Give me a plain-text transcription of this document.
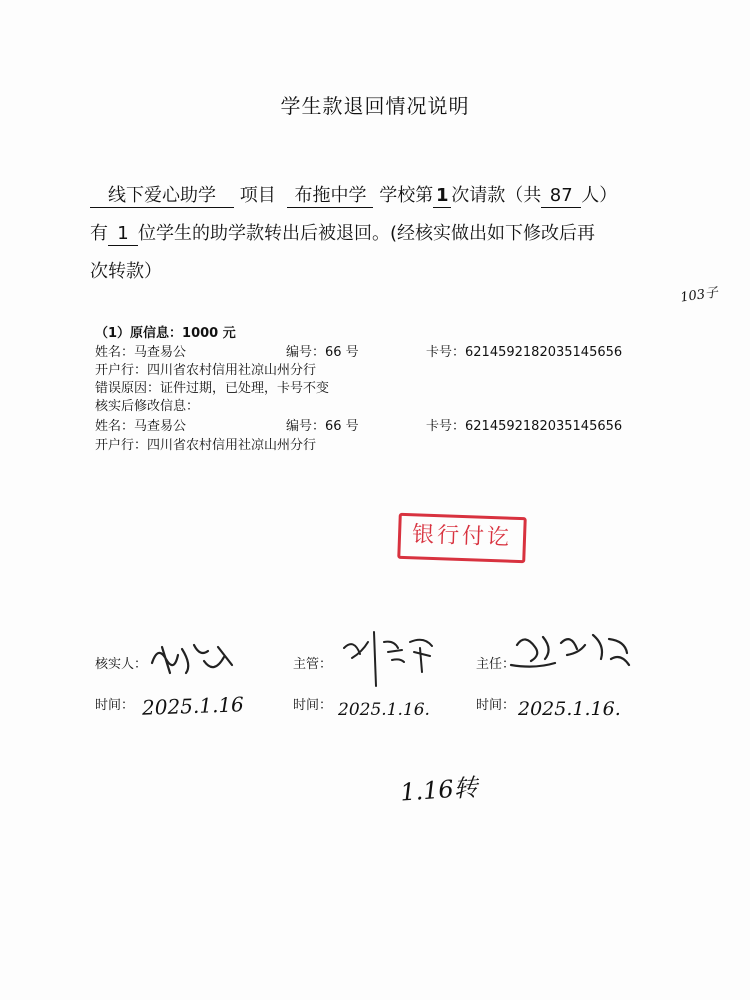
学生款退回情况说明
线下爱心助学 项目 布拖中学 学校第 1 次请款（共 87 人）
有 1 位学生的助学款转出后被退回。(经核实做出如下修改后再
次转款）
103子
（1）原信息：1000 元
姓名：马查易公	编号：66 号	卡号：6214592182035145656
开户行：四川省农村信用社凉山州分行
错误原因：证件过期，已处理，卡号不变
核实后修改信息：
姓名：马查易公	编号：66 号	卡号：6214592182035145656
开户行：四川省农村信用社凉山州分行
银行付讫
核实人：	主管：	主任：
时间： 2025.1.16	时间： 2025.1.16.	时间： 2025.1.16.
1.16转
